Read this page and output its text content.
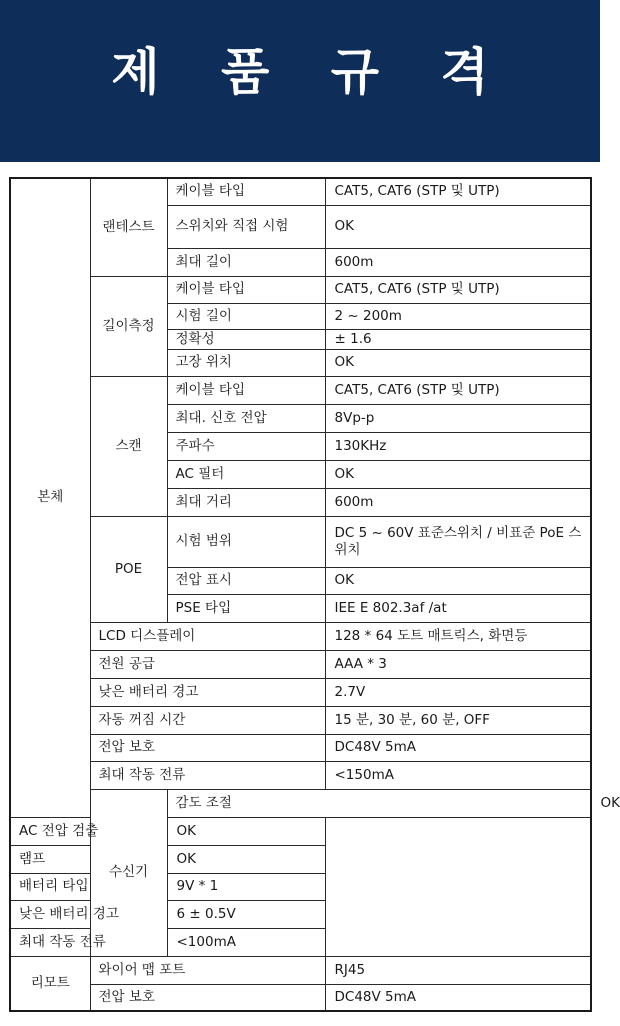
제 품 규 격
본체	랜테스트	케이블 타입	CAT5, CAT6 (STP 및 UTP)	
		스위치와 직접 시험	OK	
		최대 길이	600m	
	길이측정	케이블 타입	CAT5, CAT6 (STP 및 UTP)	
		시험 길이	2 ~ 200m	
		정확성	± 1.6	
		고장 위치	OK	
	스캔	케이블 타입	CAT5, CAT6 (STP 및 UTP)	
		최대. 신호 전압	8Vp-p	
		주파수	130KHz	
		AC 필터	OK	
		최대 거리	600m	
	POE	시험 범위	DC 5 ~ 60V 표준스위치 / 비표준 PoE 스위치	
		전압 표시	OK	
		PSE 타입	IEE E 802.3af /at	
	LCD 디스플레이		128 * 64 도트 매트릭스, 화면등	
	전원 공급		AAA * 3	
	낮은 배터리 경고		2.7V	
	자동 꺼짐 시간		15 분, 30 분, 60 분, OFF	
	전압 보호		DC48V 5mA	
	최대 작동 전류		<150mA	
	수신기	감도 조절		OK
AC 전압 검출		OK		
램프		OK		
배터리 타입		9V * 1		
낮은 배터리 경고		6 ± 0.5V		
최대 작동 전류		<100mA		
리모트	와이어 맵 포트		RJ45	
	전압 보호		DC48V 5mA	
